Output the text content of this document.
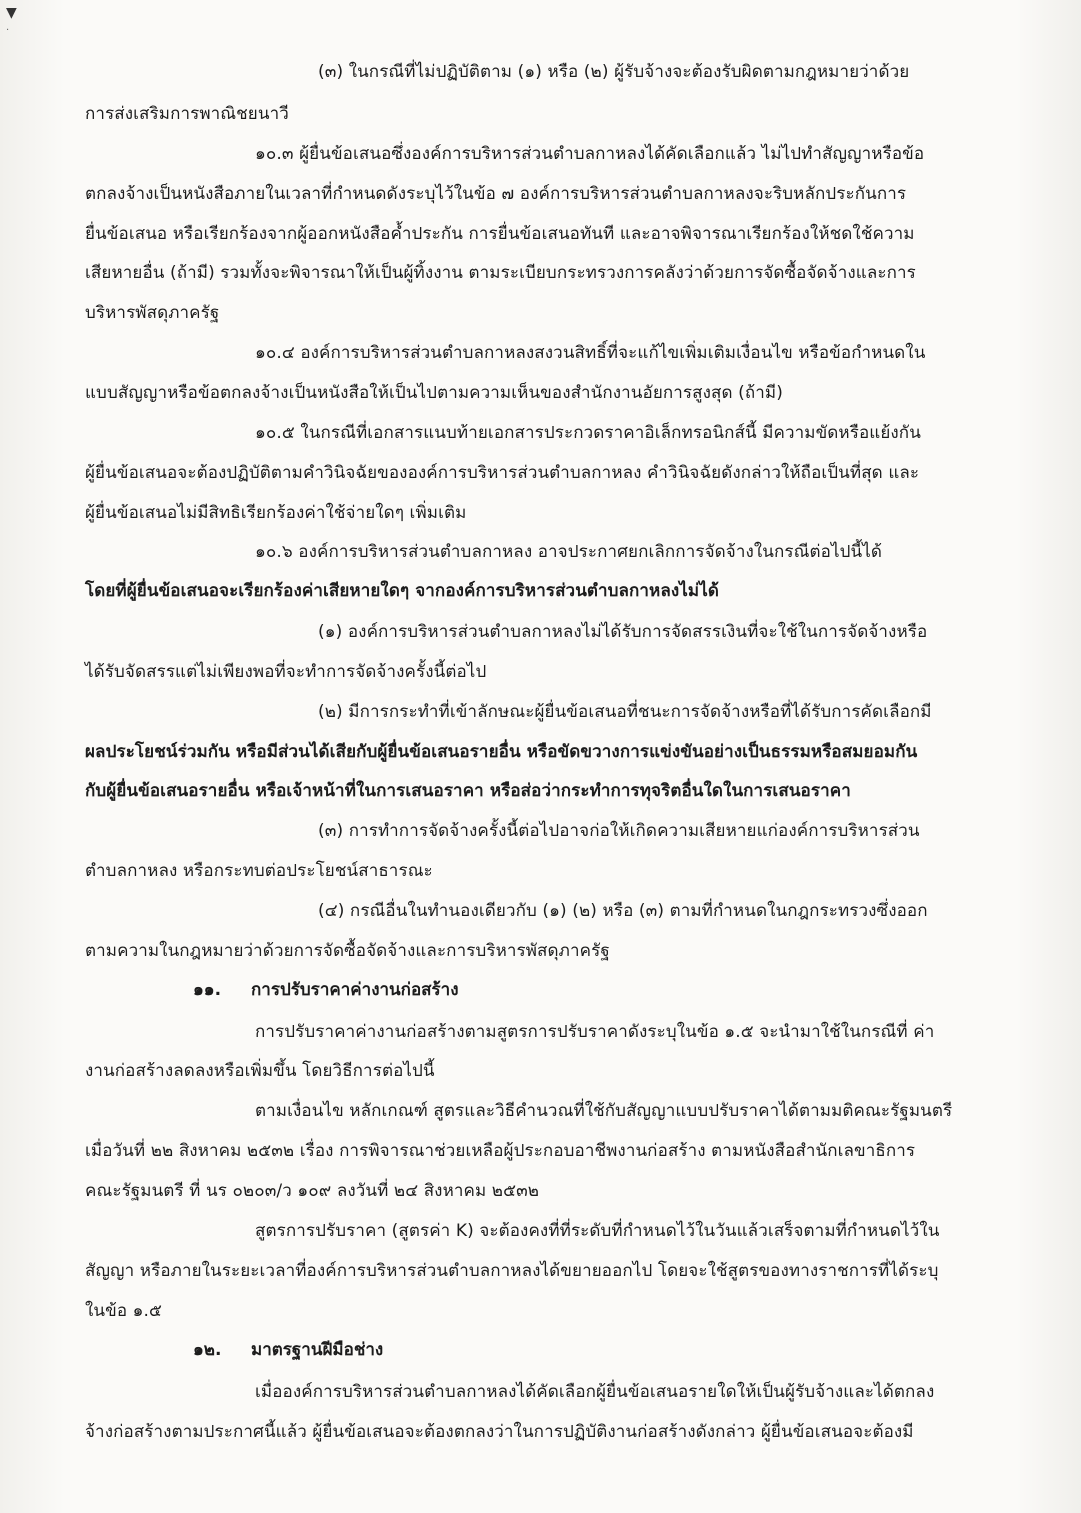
▼
·
(๓) ในกรณีที่ไม่ปฏิบัติตาม (๑) หรือ (๒) ผู้รับจ้างจะต้องรับผิดตามกฎหมายว่าด้วย
การส่งเสริมการพาณิชยนาวี
๑๐.๓ ผู้ยื่นข้อเสนอซึ่งองค์การบริหารส่วนตำบลกาหลงได้คัดเลือกแล้ว ไม่ไปทำสัญญาหรือข้อ
ตกลงจ้างเป็นหนังสือภายในเวลาที่กำหนดดังระบุไว้ในข้อ ๗ องค์การบริหารส่วนตำบลกาหลงจะริบหลักประกันการ
ยื่นข้อเสนอ หรือเรียกร้องจากผู้ออกหนังสือค้ำประกัน การยื่นข้อเสนอทันที และอาจพิจารณาเรียกร้องให้ชดใช้ความ
เสียหายอื่น (ถ้ามี) รวมทั้งจะพิจารณาให้เป็นผู้ทิ้งงาน ตามระเบียบกระทรวงการคลังว่าด้วยการจัดซื้อจัดจ้างและการ
บริหารพัสดุภาครัฐ
๑๐.๔ องค์การบริหารส่วนตำบลกาหลงสงวนสิทธิ์ที่จะแก้ไขเพิ่มเติมเงื่อนไข หรือข้อกำหนดใน
แบบสัญญาหรือข้อตกลงจ้างเป็นหนังสือให้เป็นไปตามความเห็นของสำนักงานอัยการสูงสุด (ถ้ามี)
๑๐.๕ ในกรณีที่เอกสารแนบท้ายเอกสารประกวดราคาอิเล็กทรอนิกส์นี้ มีความขัดหรือแย้งกัน
ผู้ยื่นข้อเสนอจะต้องปฏิบัติตามคำวินิจฉัยขององค์การบริหารส่วนตำบลกาหลง คำวินิจฉัยดังกล่าวให้ถือเป็นที่สุด และ
ผู้ยื่นข้อเสนอไม่มีสิทธิเรียกร้องค่าใช้จ่ายใดๆ เพิ่มเติม
๑๐.๖ องค์การบริหารส่วนตำบลกาหลง อาจประกาศยกเลิกการจัดจ้างในกรณีต่อไปนี้ได้
โดยที่ผู้ยื่นข้อเสนอจะเรียกร้องค่าเสียหายใดๆ จากองค์การบริหารส่วนตำบลกาหลงไม่ได้
(๑) องค์การบริหารส่วนตำบลกาหลงไม่ได้รับการจัดสรรเงินที่จะใช้ในการจัดจ้างหรือ
ได้รับจัดสรรแต่ไม่เพียงพอที่จะทำการจัดจ้างครั้งนี้ต่อไป
(๒) มีการกระทำที่เข้าลักษณะผู้ยื่นข้อเสนอที่ชนะการจัดจ้างหรือที่ได้รับการคัดเลือกมี
ผลประโยชน์ร่วมกัน หรือมีส่วนได้เสียกับผู้ยื่นข้อเสนอรายอื่น หรือขัดขวางการแข่งขันอย่างเป็นธรรมหรือสมยอมกัน
กับผู้ยื่นข้อเสนอรายอื่น หรือเจ้าหน้าที่ในการเสนอราคา หรือส่อว่ากระทำการทุจริตอื่นใดในการเสนอราคา
(๓) การทำการจัดจ้างครั้งนี้ต่อไปอาจก่อให้เกิดความเสียหายแก่องค์การบริหารส่วน
ตำบลกาหลง หรือกระทบต่อประโยชน์สาธารณะ
(๔) กรณีอื่นในทำนองเดียวกับ (๑) (๒) หรือ (๓) ตามที่กำหนดในกฎกระทรวงซึ่งออก
ตามความในกฎหมายว่าด้วยการจัดซื้อจัดจ้างและการบริหารพัสดุภาครัฐ
๑๑. การปรับราคาค่างานก่อสร้าง
การปรับราคาค่างานก่อสร้างตามสูตรการปรับราคาดังระบุในข้อ ๑.๕ จะนำมาใช้ในกรณีที่ ค่า
งานก่อสร้างลดลงหรือเพิ่มขึ้น โดยวิธีการต่อไปนี้
ตามเงื่อนไข หลักเกณฑ์ สูตรและวิธีคำนวณที่ใช้กับสัญญาแบบปรับราคาได้ตามมติคณะรัฐมนตรี
เมื่อวันที่ ๒๒ สิงหาคม ๒๕๓๒ เรื่อง การพิจารณาช่วยเหลือผู้ประกอบอาชีพงานก่อสร้าง ตามหนังสือสำนักเลขาธิการ
คณะรัฐมนตรี ที่ นร ๐๒๐๓/ว ๑๐๙ ลงวันที่ ๒๔ สิงหาคม ๒๕๓๒
สูตรการปรับราคา (สูตรค่า K) จะต้องคงที่ที่ระดับที่กำหนดไว้ในวันแล้วเสร็จตามที่กำหนดไว้ใน
สัญญา หรือภายในระยะเวลาที่องค์การบริหารส่วนตำบลกาหลงได้ขยายออกไป โดยจะใช้สูตรของทางราชการที่ได้ระบุ
ในข้อ ๑.๕
๑๒. มาตรฐานฝีมือช่าง
เมื่อองค์การบริหารส่วนตำบลกาหลงได้คัดเลือกผู้ยื่นข้อเสนอรายใดให้เป็นผู้รับจ้างและได้ตกลง
จ้างก่อสร้างตามประกาศนี้แล้ว ผู้ยื่นข้อเสนอจะต้องตกลงว่าในการปฏิบัติงานก่อสร้างดังกล่าว ผู้ยื่นข้อเสนอจะต้องมี
